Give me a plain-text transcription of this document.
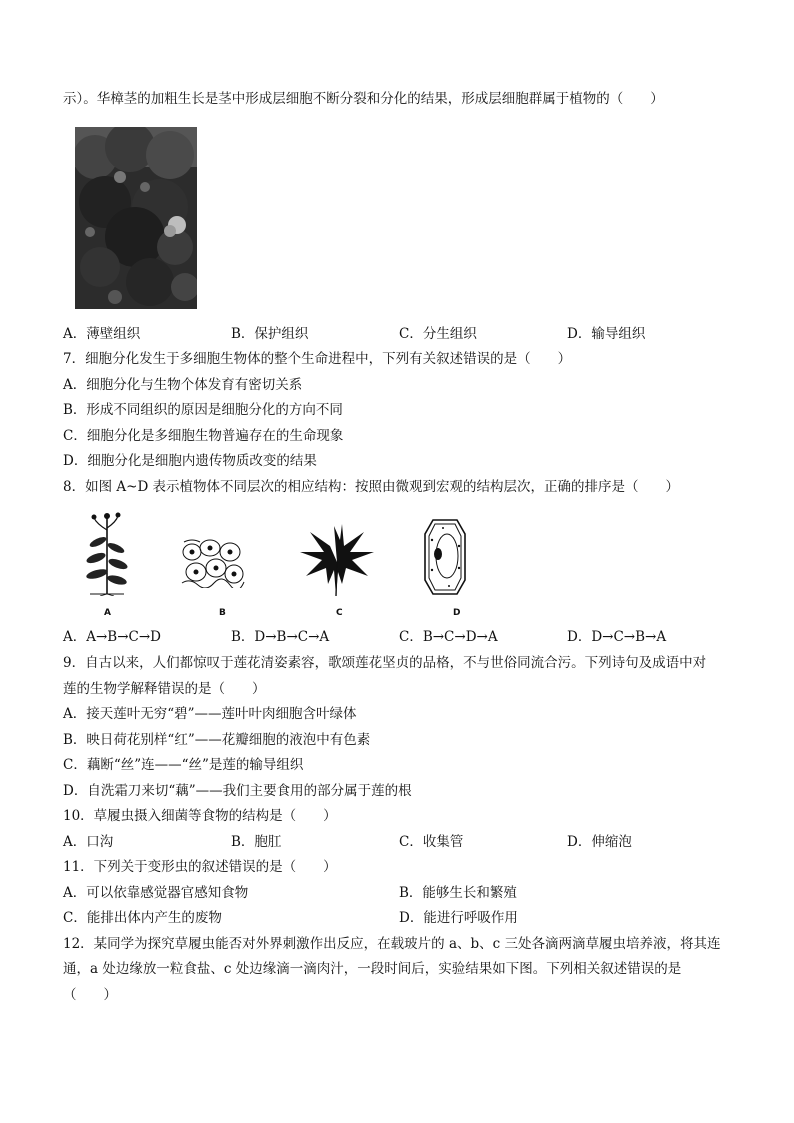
示）。华樟茎的加粗生长是茎中形成层细胞不断分裂和分化的结果，形成层细胞群属于植物的（　　）
A．薄壁组织	B．保护组织	C．分生组织	D．输导组织
7．细胞分化发生于多细胞生物体的整个生命进程中，下列有关叙述错误的是（　　）
A．细胞分化与生物个体发育有密切关系
B．形成不同组织的原因是细胞分化的方向不同
C．细胞分化是多细胞生物普遍存在的生命现象
D．细胞分化是细胞内遗传物质改变的结果
8．如图 A~D 表示植物体不同层次的相应结构：按照由微观到宏观的结构层次，正确的排序是（　　）
A	B	C	D
A．A→B→C→D	B．D→B→C→A	C．B→C→D→A	D．D→C→B→A
9．自古以来，人们都惊叹于莲花清姿素容，歌颂莲花坚贞的品格，不与世俗同流合污。下列诗句及成语中对
莲的生物学解释错误的是（　　）
A．接天莲叶无穷“碧”——莲叶叶肉细胞含叶绿体
B．映日荷花别样“红”——花瓣细胞的液泡中有色素
C．藕断“丝”连——“丝”是莲的输导组织
D．自洗霜刀来切“藕”——我们主要食用的部分属于莲的根
10．草履虫摄入细菌等食物的结构是（　　）
A．口沟	B．胞肛	C．收集管	D．伸缩泡
11．下列关于变形虫的叙述错误的是（　　）
A．可以依靠感觉器官感知食物	B．能够生长和繁殖
C．能排出体内产生的废物	D．能进行呼吸作用
12．某同学为探究草履虫能否对外界刺激作出反应，在载玻片的 a、b、c 三处各滴两滴草履虫培养液，将其连
通，a 处边缘放一粒食盐、c 处边缘滴一滴肉汁，一段时间后，实验结果如下图。下列相关叙述错误的是
（　　）
